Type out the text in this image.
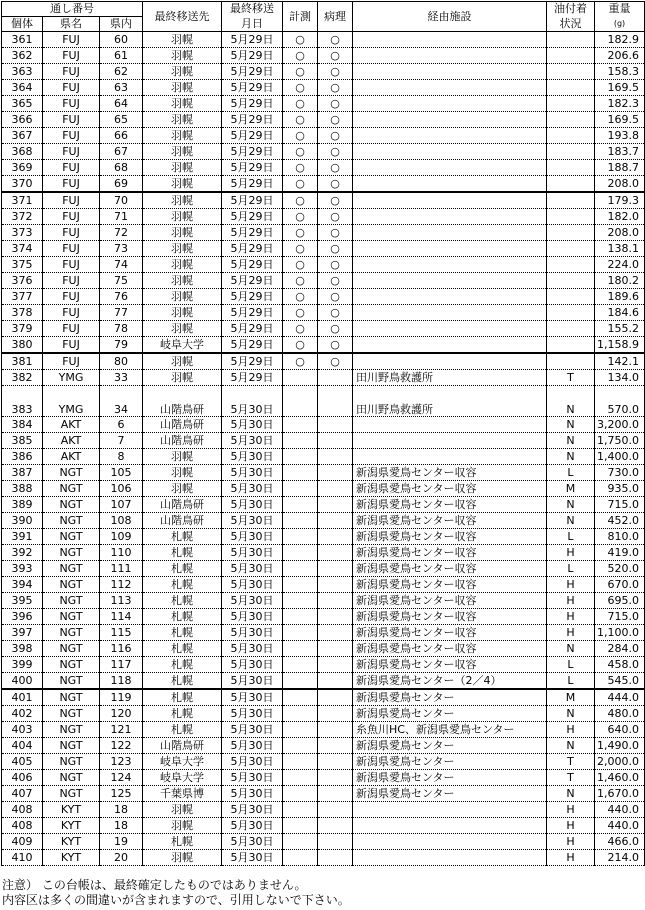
通し番号			最終移送先	最終移送	計測	病理	経由施設	油付着	重量
個体	県名	県内		月日				状況	(g)
361	FUJ	60	羽幌	5月29日	○	○			182.9
362	FUJ	61	羽幌	5月29日	○	○			206.6
363	FUJ	62	羽幌	5月29日	○	○			158.3
364	FUJ	63	羽幌	5月29日	○	○			169.5
365	FUJ	64	羽幌	5月29日	○	○			182.3
366	FUJ	65	羽幌	5月29日	○	○			169.5
367	FUJ	66	羽幌	5月29日	○	○			193.8
368	FUJ	67	羽幌	5月29日	○	○			183.7
369	FUJ	68	羽幌	5月29日	○	○			188.7
370	FUJ	69	羽幌	5月29日	○	○			208.0
371	FUJ	70	羽幌	5月29日	○	○			179.3
372	FUJ	71	羽幌	5月29日	○	○			182.0
373	FUJ	72	羽幌	5月29日	○	○			208.0
374	FUJ	73	羽幌	5月29日	○	○			138.1
375	FUJ	74	羽幌	5月29日	○	○			224.0
376	FUJ	75	羽幌	5月29日	○	○			180.2
377	FUJ	76	羽幌	5月29日	○	○			189.6
378	FUJ	77	羽幌	5月29日	○	○			184.6
379	FUJ	78	羽幌	5月29日	○	○			155.2
380	FUJ	79	岐阜大学	5月29日	○	○			1,158.9
381	FUJ	80	羽幌	5月29日	○	○			142.1
382	YMG	33	羽幌	5月29日			田川野鳥救護所	T	134.0
383	YMG	34	山階鳥研	5月30日			田川野鳥救護所	N	570.0
384	AKT	6	山階鳥研	5月30日				N	3,200.0
385	AKT	7	山階鳥研	5月30日				N	1,750.0
386	AKT	8	羽幌	5月30日				N	1,400.0
387	NGT	105	羽幌	5月30日			新潟県愛鳥センター収容	L	730.0
388	NGT	106	羽幌	5月30日			新潟県愛鳥センター収容	M	935.0
389	NGT	107	山階鳥研	5月30日			新潟県愛鳥センター収容	N	715.0
390	NGT	108	山階鳥研	5月30日			新潟県愛鳥センター収容	N	452.0
391	NGT	109	札幌	5月30日			新潟県愛鳥センター収容	L	810.0
392	NGT	110	札幌	5月30日			新潟県愛鳥センター収容	H	419.0
393	NGT	111	札幌	5月30日			新潟県愛鳥センター収容	L	520.0
394	NGT	112	札幌	5月30日			新潟県愛鳥センター収容	H	670.0
395	NGT	113	札幌	5月30日			新潟県愛鳥センター収容	H	695.0
396	NGT	114	札幌	5月30日			新潟県愛鳥センター収容	H	715.0
397	NGT	115	札幌	5月30日			新潟県愛鳥センター収容	H	1,100.0
398	NGT	116	札幌	5月30日			新潟県愛鳥センター収容	N	284.0
399	NGT	117	札幌	5月30日			新潟県愛鳥センター収容	L	458.0
400	NGT	118	札幌	5月30日			新潟県愛鳥センター（2／4）	L	545.0
401	NGT	119	札幌	5月30日			新潟県愛鳥センター	M	444.0
402	NGT	120	札幌	5月30日			新潟県愛鳥センター	N	480.0
403	NGT	121	札幌	5月30日			糸魚川HC、新潟県愛鳥センター	H	640.0
404	NGT	122	山階鳥研	5月30日			新潟県愛鳥センター	N	1,490.0
405	NGT	123	岐阜大学	5月30日			新潟県愛鳥センター	T	2,000.0
406	NGT	124	岐阜大学	5月30日			新潟県愛鳥センター	T	1,460.0
407	NGT	125	千葉県博	5月30日			新潟県愛鳥センター	N	1,670.0
408	KYT	18	羽幌	5月30日				H	440.0
408	KYT	18	羽幌	5月30日				H	440.0
409	KYT	19	札幌	5月30日				H	466.0
410	KYT	20	羽幌	5月30日				H	214.0
注意） この台帳は、最終確定したものではありません。
内容区は多くの間違いが含まれますので、引用しないで下さい。
